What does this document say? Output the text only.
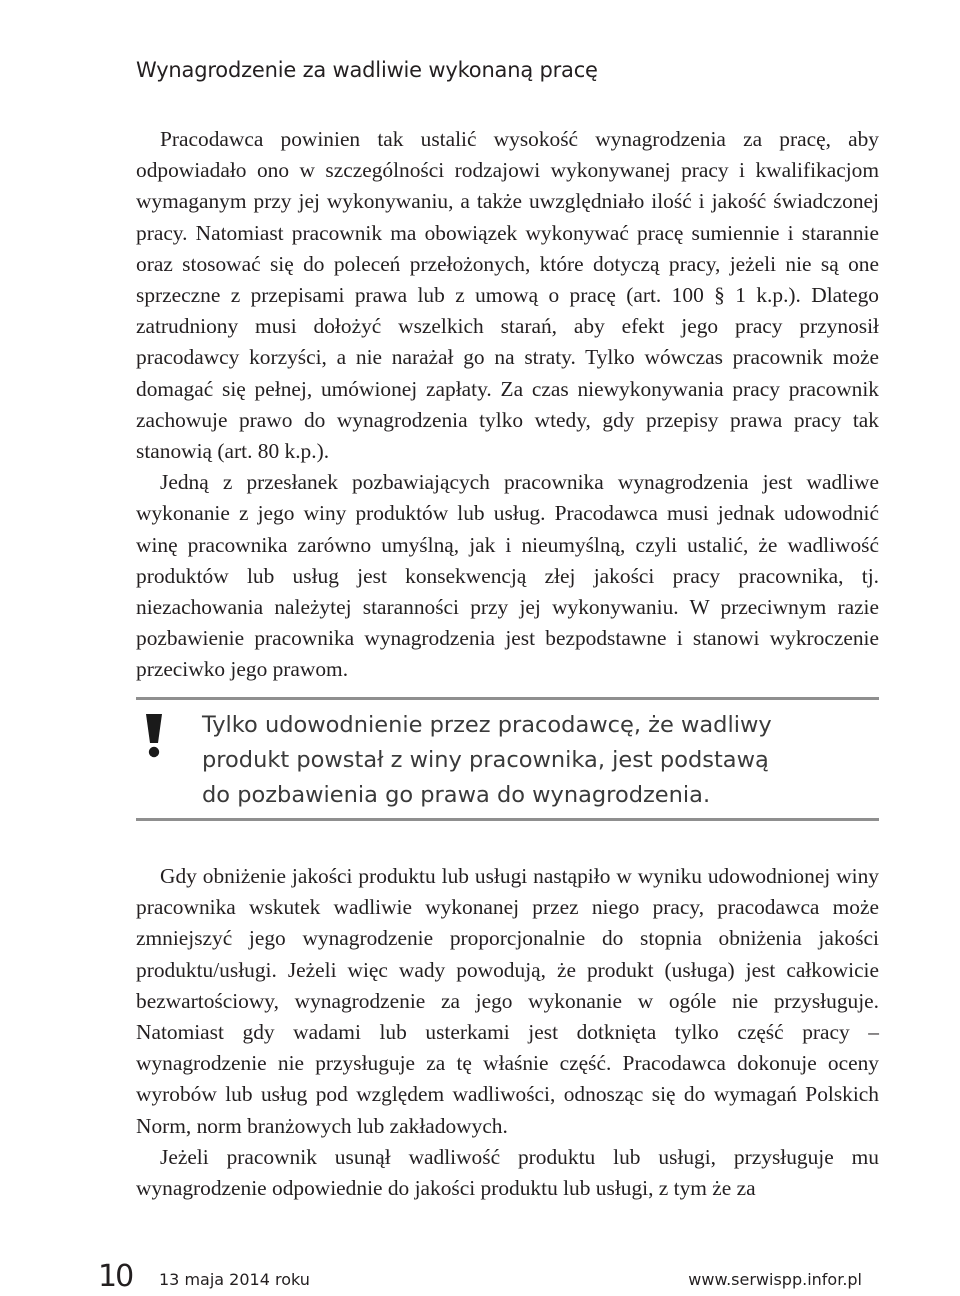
Wynagrodzenie za wadliwie wykonaną pracę

Pracodawca powinien tak ustalić wysokość wynagrodzenia za pracę, aby odpowiadało ono w szczególności rodzajowi wykonywanej pracy i kwalifikacjom wymaganym przy jej wykonywaniu, a także uwzględniało ilość i jakość świadczonej pracy. Natomiast pracownik ma obowiązek wykonywać pracę sumiennie i starannie oraz stosować się do poleceń przełożonych, które dotyczą pracy, jeżeli nie są one sprzeczne z przepisami prawa lub z umową o pracę (art. 100 § 1 k.p.). Dlatego zatrudniony musi dołożyć wszelkich starań, aby efekt jego pracy przynosił pracodawcy korzyści, a nie narażał go na straty. Tylko wówczas pracownik może domagać się pełnej, umówionej zapłaty. Za czas niewykonywania pracy pracownik zachowuje prawo do wynagrodzenia tylko wtedy, gdy przepisy prawa pracy tak stanowią (art. 80 k.p.).

Jedną z przesłanek pozbawiających pracownika wynagrodzenia jest wadliwe wykonanie z jego winy produktów lub usług. Pracodawca musi jednak udowodnić winę pracownika zarówno umyślną, jak i nieumyślną, czyli ustalić, że wadliwość produktów lub usług jest konsekwencją złej jakości pracy pracownika, tj. niezachowania należytej staranności przy jej wykonywaniu. W przeciwnym razie pozbawienie pracownika wynagrodzenia jest bezpodstawne i stanowi wykroczenie przeciwko jego prawom.

Tylko udowodnienie przez pracodawcę, że wadliwy produkt powstał z winy pracownika, jest podstawą do pozbawienia go prawa do wynagrodzenia.

Gdy obniżenie jakości produktu lub usługi nastąpiło w wyniku udowodnionej winy pracownika wskutek wadliwie wykonanej przez niego pracy, pracodawca może zmniejszyć jego wynagrodzenie proporcjonalnie do stopnia obniżenia jakości produktu/usługi. Jeżeli więc wady powodują, że produkt (usługa) jest całkowicie bezwartościowy, wynagrodzenie za jego wykonanie w ogóle nie przysługuje. Natomiast gdy wadami lub usterkami jest dotknięta tylko część pracy – wynagrodzenie nie przysługuje za tę właśnie część. Pracodawca dokonuje oceny wyrobów lub usług pod względem wadliwości, odnosząc się do wymagań Polskich Norm, norm branżowych lub zakładowych.

Jeżeli pracownik usunął wadliwość produktu lub usługi, przysługuje mu wynagrodzenie odpowiednie do jakości produktu lub usługi, z tym że za

10 13 maja 2014 roku	www.serwispp.infor.pl
